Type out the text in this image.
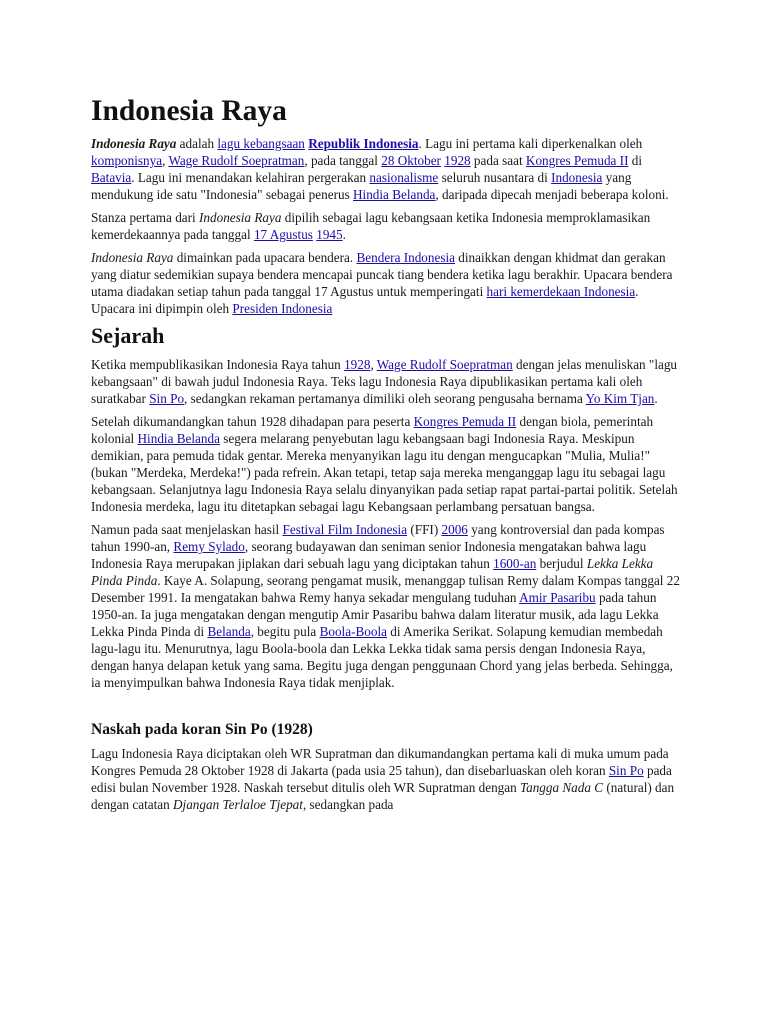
Indonesia Raya

Indonesia Raya adalah lagu kebangsaan Republik Indonesia. Lagu ini pertama kali diperkenalkan oleh komponisnya, Wage Rudolf Soepratman, pada tanggal 28 Oktober 1928 pada saat Kongres Pemuda II di Batavia. Lagu ini menandakan kelahiran pergerakan nasionalisme seluruh nusantara di Indonesia yang mendukung ide satu "Indonesia" sebagai penerus Hindia Belanda, daripada dipecah menjadi beberapa koloni.

Stanza pertama dari Indonesia Raya dipilih sebagai lagu kebangsaan ketika Indonesia memproklamasikan kemerdekaannya pada tanggal 17 Agustus 1945.

Indonesia Raya dimainkan pada upacara bendera. Bendera Indonesia dinaikkan dengan khidmat dan gerakan yang diatur sedemikian supaya bendera mencapai puncak tiang bendera ketika lagu berakhir. Upacara bendera utama diadakan setiap tahun pada tanggal 17 Agustus untuk memperingati hari kemerdekaan Indonesia. Upacara ini dipimpin oleh Presiden Indonesia

Sejarah

Ketika mempublikasikan Indonesia Raya tahun 1928, Wage Rudolf Soepratman dengan jelas menuliskan "lagu kebangsaan" di bawah judul Indonesia Raya. Teks lagu Indonesia Raya dipublikasikan pertama kali oleh suratkabar Sin Po, sedangkan rekaman pertamanya dimiliki oleh seorang pengusaha bernama Yo Kim Tjan.

Setelah dikumandangkan tahun 1928 dihadapan para peserta Kongres Pemuda II dengan biola, pemerintah kolonial Hindia Belanda segera melarang penyebutan lagu kebangsaan bagi Indonesia Raya. Meskipun demikian, para pemuda tidak gentar. Mereka menyanyikan lagu itu dengan mengucapkan "Mulia, Mulia!" (bukan "Merdeka, Merdeka!") pada refrein. Akan tetapi, tetap saja mereka menganggap lagu itu sebagai lagu kebangsaan. Selanjutnya lagu Indonesia Raya selalu dinyanyikan pada setiap rapat partai-partai politik. Setelah Indonesia merdeka, lagu itu ditetapkan sebagai lagu Kebangsaan perlambang persatuan bangsa.

Namun pada saat menjelaskan hasil Festival Film Indonesia (FFI) 2006 yang kontroversial dan pada kompas tahun 1990-an, Remy Sylado, seorang budayawan dan seniman senior Indonesia mengatakan bahwa lagu Indonesia Raya merupakan jiplakan dari sebuah lagu yang diciptakan tahun 1600-an berjudul Lekka Lekka Pinda Pinda. Kaye A. Solapung, seorang pengamat musik, menanggap tulisan Remy dalam Kompas tanggal 22 Desember 1991. Ia mengatakan bahwa Remy hanya sekadar mengulang tuduhan Amir Pasaribu pada tahun 1950-an. Ia juga mengatakan dengan mengutip Amir Pasaribu bahwa dalam literatur musik, ada lagu Lekka Lekka Pinda Pinda di Belanda, begitu pula Boola-Boola di Amerika Serikat. Solapung kemudian membedah lagu-lagu itu. Menurutnya, lagu Boola-boola dan Lekka Lekka tidak sama persis dengan Indonesia Raya, dengan hanya delapan ketuk yang sama. Begitu juga dengan penggunaan Chord yang jelas berbeda. Sehingga, ia menyimpulkan bahwa Indonesia Raya tidak menjiplak.

Naskah pada koran Sin Po (1928)

Lagu Indonesia Raya diciptakan oleh WR Supratman dan dikumandangkan pertama kali di muka umum pada Kongres Pemuda 28 Oktober 1928 di Jakarta (pada usia 25 tahun), dan disebarluaskan oleh koran Sin Po pada edisi bulan November 1928. Naskah tersebut ditulis oleh WR Supratman dengan Tangga Nada C (natural) dan dengan catatan Djangan Terlaloe Tjepat, sedangkan pada
